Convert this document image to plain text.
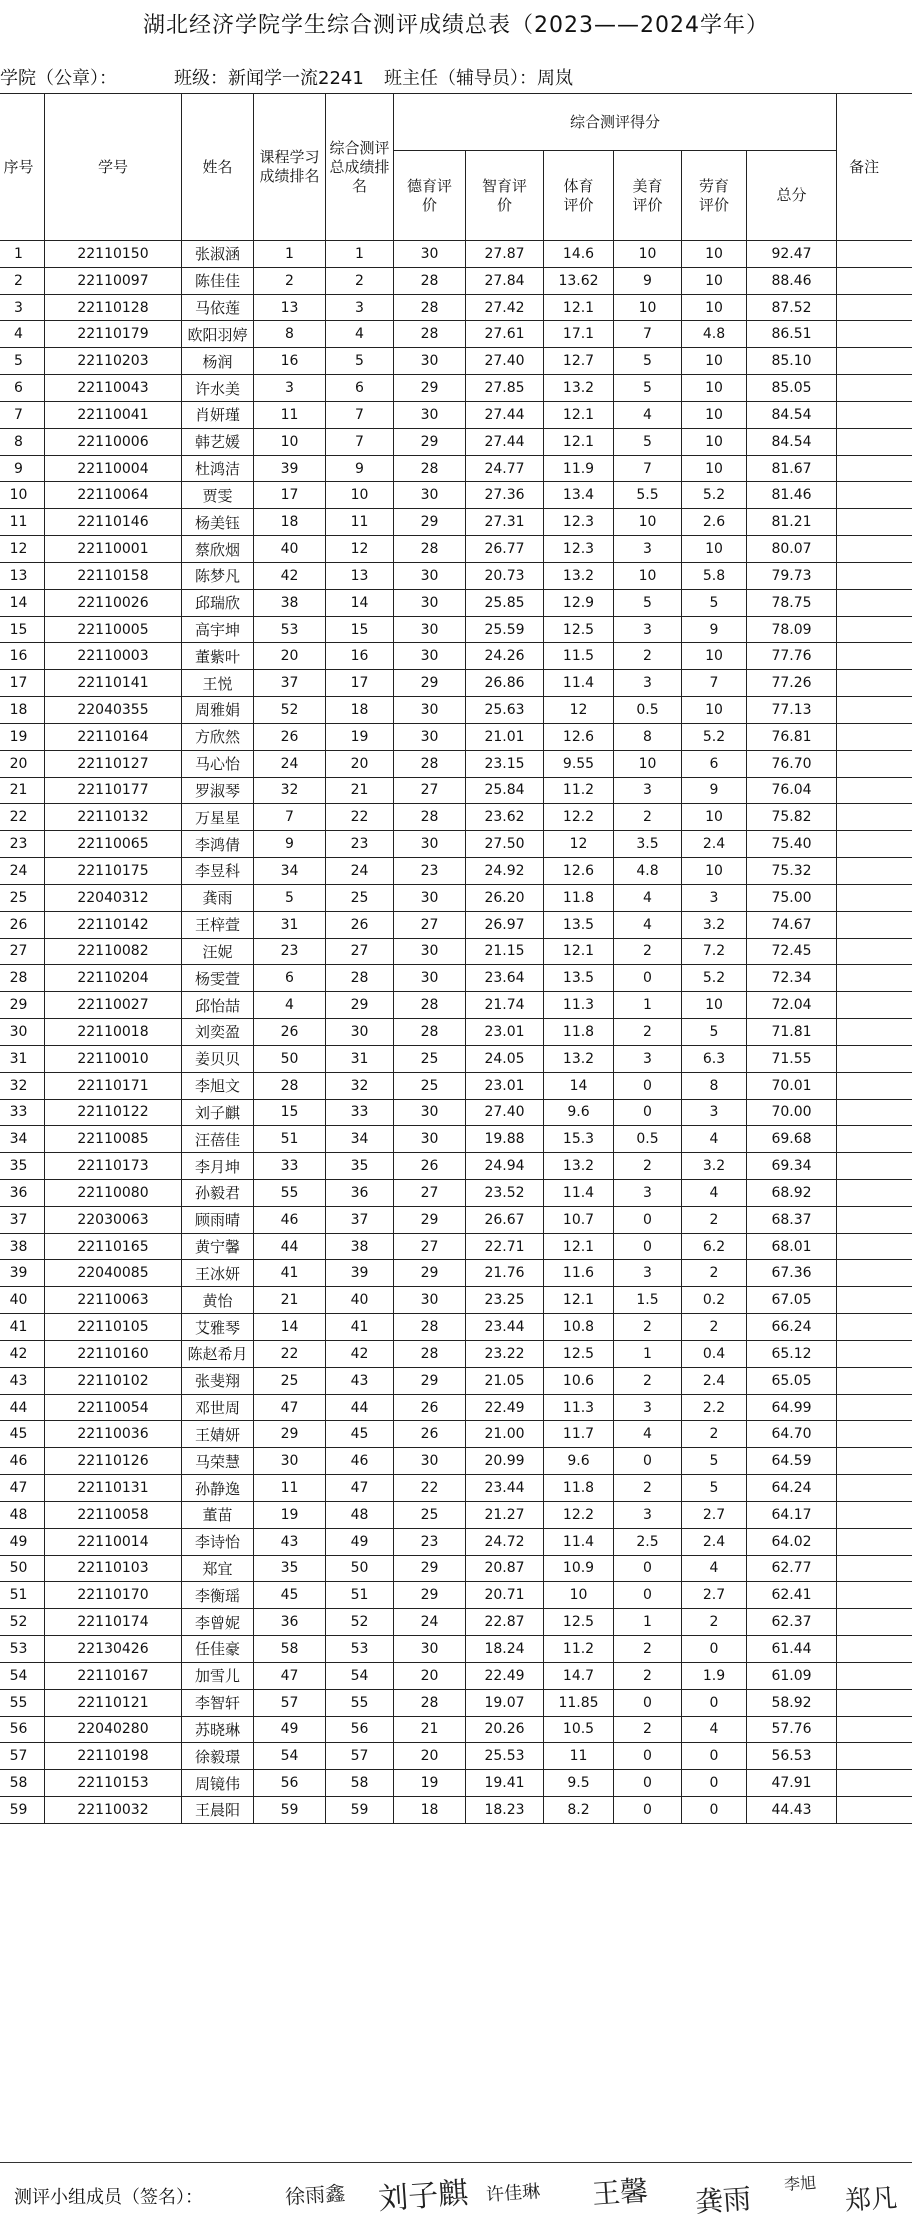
湖北经济学院学生综合测评成绩总表（2023——2024学年）
学院（公章）：	班级：新闻学一流2241 班主任（辅导员）：周岚
序号	学号	姓名	课程学习成绩排名	综合测评总成绩排名	综合测评得分						备注
					德育评价	智育评价	体育评价	美育评价	劳育评价	总分	
1	22110150	张淑涵	1	1	30	27.87	14.6	10	10	92.47	
2	22110097	陈佳佳	2	2	28	27.84	13.62	9	10	88.46	
3	22110128	马依莲	13	3	28	27.42	12.1	10	10	87.52	
4	22110179	欧阳羽婷	8	4	28	27.61	17.1	7	4.8	86.51	
5	22110203	杨润	16	5	30	27.40	12.7	5	10	85.10	
6	22110043	许水美	3	6	29	27.85	13.2	5	10	85.05	
7	22110041	肖妍瑾	11	7	30	27.44	12.1	4	10	84.54	
8	22110006	韩艺媛	10	7	29	27.44	12.1	5	10	84.54	
9	22110004	杜鸿洁	39	9	28	24.77	11.9	7	10	81.67	
10	22110064	贾雯	17	10	30	27.36	13.4	5.5	5.2	81.46	
11	22110146	杨美钰	18	11	29	27.31	12.3	10	2.6	81.21	
12	22110001	蔡欣烟	40	12	28	26.77	12.3	3	10	80.07	
13	22110158	陈梦凡	42	13	30	20.73	13.2	10	5.8	79.73	
14	22110026	邱瑞欣	38	14	30	25.85	12.9	5	5	78.75	
15	22110005	高宇坤	53	15	30	25.59	12.5	3	9	78.09	
16	22110003	董紫叶	20	16	30	24.26	11.5	2	10	77.76	
17	22110141	王悦	37	17	29	26.86	11.4	3	7	77.26	
18	22040355	周雅娟	52	18	30	25.63	12	0.5	10	77.13	
19	22110164	方欣然	26	19	30	21.01	12.6	8	5.2	76.81	
20	22110127	马心怡	24	20	28	23.15	9.55	10	6	76.70	
21	22110177	罗淑琴	32	21	27	25.84	11.2	3	9	76.04	
22	22110132	万星星	7	22	28	23.62	12.2	2	10	75.82	
23	22110065	李鸿倩	9	23	30	27.50	12	3.5	2.4	75.40	
24	22110175	李昱科	34	24	23	24.92	12.6	4.8	10	75.32	
25	22040312	龚雨	5	25	30	26.20	11.8	4	3	75.00	
26	22110142	王梓萱	31	26	27	26.97	13.5	4	3.2	74.67	
27	22110082	汪妮	23	27	30	21.15	12.1	2	7.2	72.45	
28	22110204	杨雯萱	6	28	30	23.64	13.5	0	5.2	72.34	
29	22110027	邱怡喆	4	29	28	21.74	11.3	1	10	72.04	
30	22110018	刘奕盈	26	30	28	23.01	11.8	2	5	71.81	
31	22110010	姜贝贝	50	31	25	24.05	13.2	3	6.3	71.55	
32	22110171	李旭文	28	32	25	23.01	14	0	8	70.01	
33	22110122	刘子麒	15	33	30	27.40	9.6	0	3	70.00	
34	22110085	汪蓓佳	51	34	30	19.88	15.3	0.5	4	69.68	
35	22110173	李月坤	33	35	26	24.94	13.2	2	3.2	69.34	
36	22110080	孙毅君	55	36	27	23.52	11.4	3	4	68.92	
37	22030063	顾雨晴	46	37	29	26.67	10.7	0	2	68.37	
38	22110165	黄宁馨	44	38	27	22.71	12.1	0	6.2	68.01	
39	22040085	王冰妍	41	39	29	21.76	11.6	3	2	67.36	
40	22110063	黄怡	21	40	30	23.25	12.1	1.5	0.2	67.05	
41	22110105	艾雅琴	14	41	28	23.44	10.8	2	2	66.24	
42	22110160	陈赵希月	22	42	28	23.22	12.5	1	0.4	65.12	
43	22110102	张斐翔	25	43	29	21.05	10.6	2	2.4	65.05	
44	22110054	邓世周	47	44	26	22.49	11.3	3	2.2	64.99	
45	22110036	王婧妍	29	45	26	21.00	11.7	4	2	64.70	
46	22110126	马荣慧	30	46	30	20.99	9.6	0	5	64.59	
47	22110131	孙静逸	11	47	22	23.44	11.8	2	5	64.24	
48	22110058	董苗	19	48	25	21.27	12.2	3	2.7	64.17	
49	22110014	李诗怡	43	49	23	24.72	11.4	2.5	2.4	64.02	
50	22110103	郑宜	35	50	29	20.87	10.9	0	4	62.77	
51	22110170	李衡瑶	45	51	29	20.71	10	0	2.7	62.41	
52	22110174	李曾妮	36	52	24	22.87	12.5	1	2	62.37	
53	22130426	任佳豪	58	53	30	18.24	11.2	2	0	61.44	
54	22110167	加雪儿	47	54	20	22.49	14.7	2	1.9	61.09	
55	22110121	李智轩	57	55	28	19.07	11.85	0	0	58.92	
56	22040280	苏晓琳	49	56	21	20.26	10.5	2	4	57.76	
57	22110198	徐毅璟	54	57	20	25.53	11	0	0	56.53	
58	22110153	周镜伟	56	58	19	19.41	9.5	0	0	47.91	
59	22110032	王晨阳	59	59	18	18.23	8.2	0	0	44.43	
测评小组成员（签名）：	徐雨鑫 刘子麒 许佳琳 王馨 龚雨 李旭 郑凡
